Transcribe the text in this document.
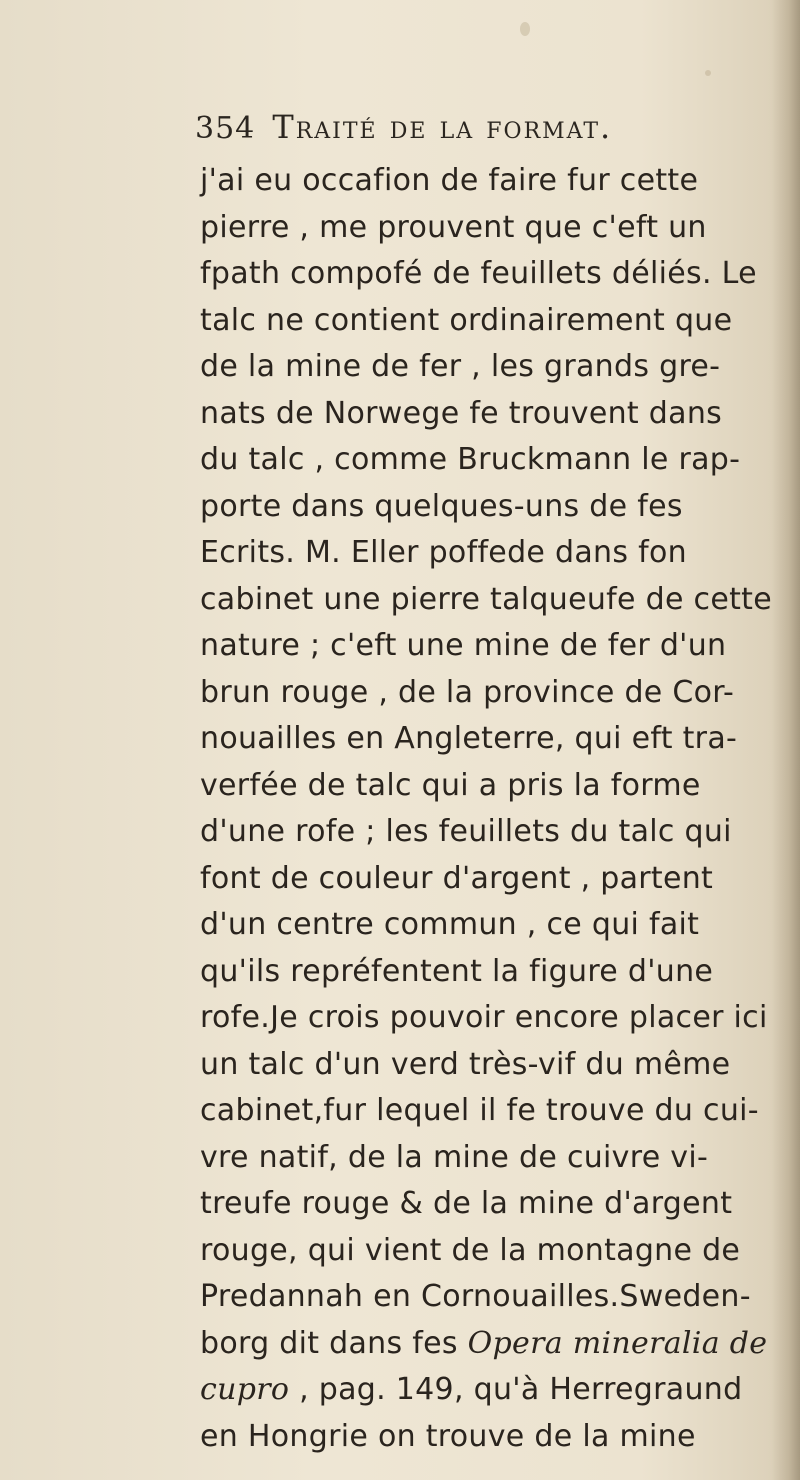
354 Traité de la format.
j'ai eu occafion de faire fur cette
pierre , me prouvent que c'eft un
fpath compofé de feuillets déliés. Le
talc ne contient ordinairement que
de la mine de fer , les grands gre-
nats de Norwege fe trouvent dans
du talc , comme Bruckmann le rap-
porte dans quelques-uns de fes
Ecrits. M. Eller poffede dans fon
cabinet une pierre talqueufe de cette
nature ; c'eft une mine de fer d'un
brun rouge , de la province de Cor-
nouailles en Angleterre, qui eft tra-
verfée de talc qui a pris la forme
d'une rofe ; les feuillets du talc qui
font de couleur d'argent , partent
d'un centre commun , ce qui fait
qu'ils repréfentent la figure d'une
rofe.Je crois pouvoir encore placer ici
un talc d'un verd très-vif du même
cabinet,fur lequel il fe trouve du cui-
vre natif, de la mine de cuivre vi-
treufe rouge & de la mine d'argent
rouge, qui vient de la montagne de
Predannah en Cornouailles.Sweden-
borg dit dans fes Opera mineralia de
cupro , pag. 149, qu'à Herregraund
en Hongrie on trouve de la mine
